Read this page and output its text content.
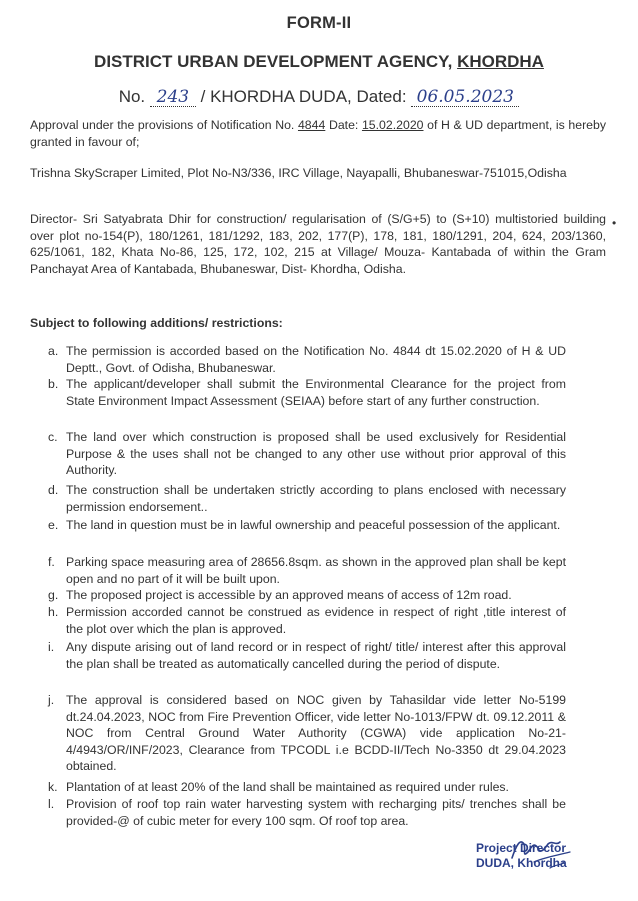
FORM-II
DISTRICT URBAN DEVELOPMENT AGENCY, KHORDHA
No. 243 / KHORDHA DUDA, Dated: 06.05.2023
Approval under the provisions of Notification No. 4844 Date: 15.02.2020 of H & UD department, is hereby granted in favour of;
Trishna SkyScraper Limited, Plot No-N3/336, IRC Village, Nayapalli, Bhubaneswar-751015,Odisha
Director- Sri Satyabrata Dhir for construction/ regularisation of (S/G+5) to (S+10) multistoried building over plot no-154(P), 180/1261, 181/1292, 183, 202, 177(P), 178, 181, 180/1291, 204, 624, 203/1360, 625/1061, 182, Khata No-86, 125, 172, 102, 215 at Village/ Mouza- Kantabada of within the Gram Panchayat Area of Kantabada, Bhubaneswar, Dist- Khordha, Odisha.
•
Subject to following additions/ restrictions:
a. The permission is accorded based on the Notification No. 4844 dt 15.02.2020 of H & UD Deptt., Govt. of Odisha, Bhubaneswar.
b. The applicant/developer shall submit the Environmental Clearance for the project from State Environment Impact Assessment (SEIAA) before start of any further construction.
c. The land over which construction is proposed shall be used exclusively for Residential Purpose & the uses shall not be changed to any other use without prior approval of this Authority.
d. The construction shall be undertaken strictly according to plans enclosed with necessary permission endorsement..
e. The land in question must be in lawful ownership and peaceful possession of the applicant.
f. Parking space measuring area of 28656.8sqm. as shown in the approved plan shall be kept open and no part of it will be built upon.
g. The proposed project is accessible by an approved means of access of 12m road.
h. Permission accorded cannot be construed as evidence in respect of right ,title interest of the plot over which the plan is approved.
i. Any dispute arising out of land record or in respect of right/ title/ interest after this approval the plan shall be treated as automatically cancelled during the period of dispute.
j. The approval is considered based on NOC given by Tahasildar vide letter No-5199 dt.24.04.2023, NOC from Fire Prevention Officer, vide letter No-1013/FPW dt. 09.12.2011 & NOC from Central Ground Water Authority (CGWA) vide application No-21-4/4943/OR/INF/2023, Clearance from TPCODL i.e BCDD-II/Tech No-3350 dt 29.04.2023 obtained.
k. Plantation of at least 20% of the land shall be maintained as required under rules.
l. Provision of roof top rain water harvesting system with recharging pits/ trenches shall be provided-@ of cubic meter for every 100 sqm. Of roof top area.
Project Director
DUDA, Khordha
